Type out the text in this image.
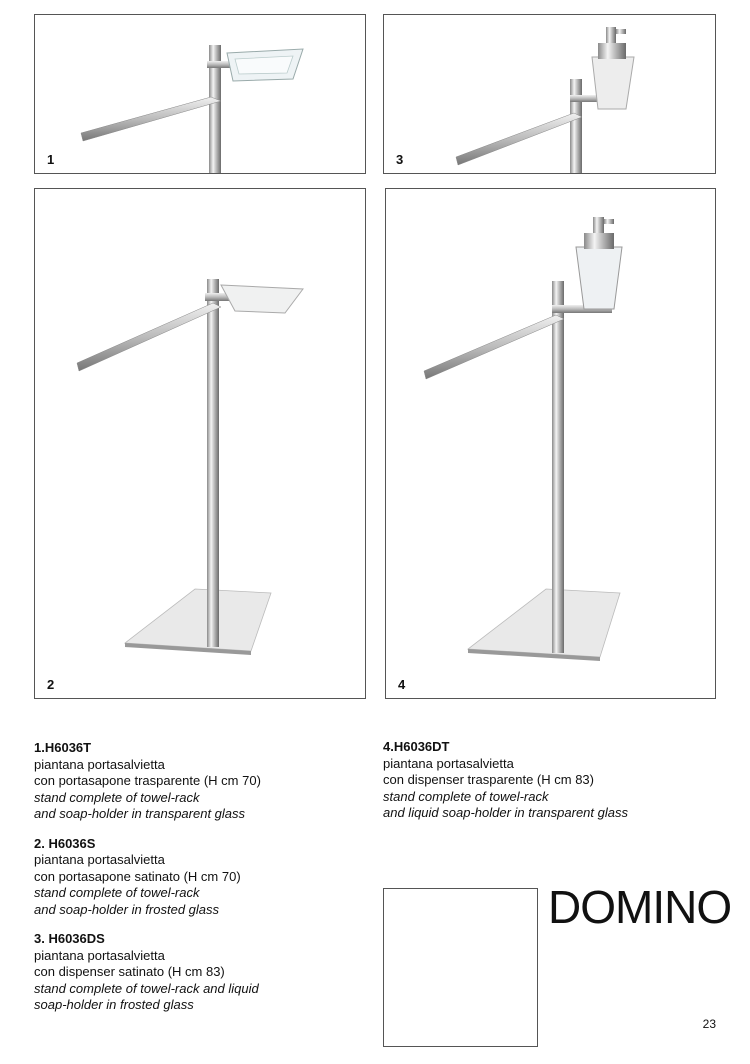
1	3
2	4

1.H6036T

piantana portasalvietta

con portasapone trasparente (H cm 70)

stand complete of towel-rack

and soap-holder in transparent glass

2. H6036S

piantana portasalvietta

con portasapone satinato (H cm 70)

stand complete of towel-rack

and soap-holder in frosted glass

3. H6036DS

piantana portasalvietta

con dispenser satinato (H cm 83)

stand complete of towel-rack and liquid

soap-holder in frosted glass

4.H6036DT

piantana portasalvietta

con dispenser trasparente (H cm 83)

stand complete of towel-rack

and liquid soap-holder in transparent glass

DOMINO
23
